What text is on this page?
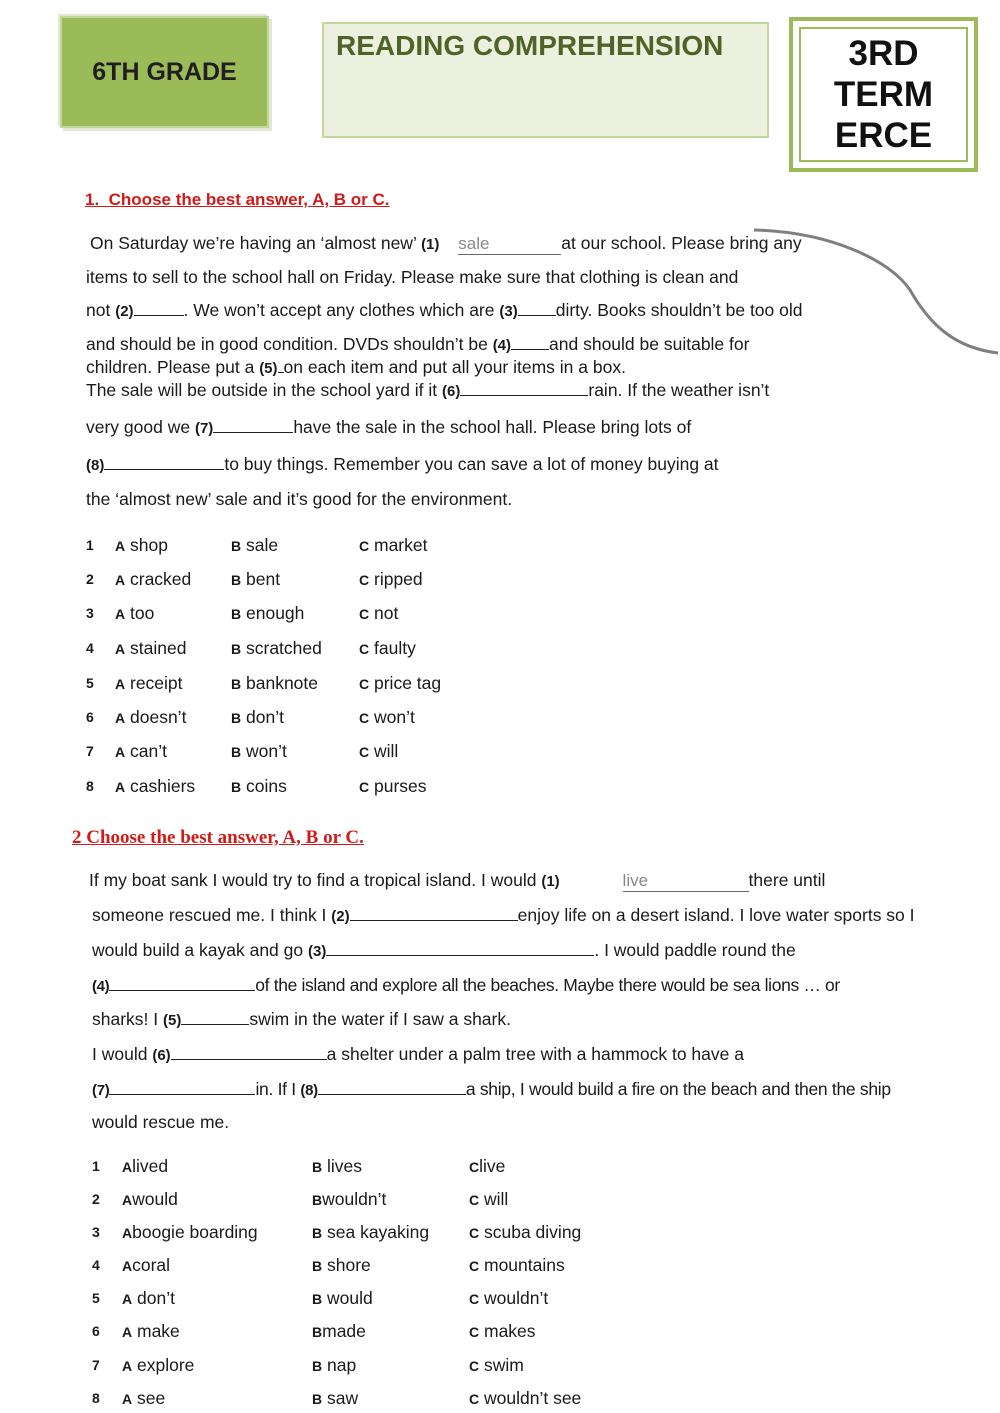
6TH GRADE
READING COMPREHENSION	3RD
TERM
ERCE
1. Choose the best answer, A, B or C.
On Saturday we’re having an ‘almost new’ (1) sale	at our school. Please bring any
items to sell to the school hall on Friday. Please make sure that clothing is clean and
not (2)	. We won’t accept any clothes which are (3) dirty. Books shouldn’t be too old
and should be in good condition. DVDs shouldn’t be (4) and should be suitable for
children. Please put a (5) on each item and put all your items in a box.
The sale will be outside in the school yard if it (6)	rain. If the weather isn’t
very good we (7)	have the sale in the school hall. Please bring lots of
(8)	to buy things. Remember you can save a lot of money buying at
the ‘almost new’ sale and it’s good for the environment.
1 A shop	B sale	C market
2 A cracked	B bent	C ripped
3 A too	B enough	C not
4 A stained	B scratched	C faulty
5 A receipt	B banknote	C price tag
6 A doesn’t	B don’t	C won’t
7 A can’t	B won’t	C will
8 A cashiers	B coins	C purses
2 Choose the best answer, A, B or C.
If my boat sank I would try to find a tropical island. I would (1)	live	there until
someone rescued me. I think I (2)	enjoy life on a desert island. I love water sports so I
would build a kayak and go (3)	. I would paddle round the
(4)	of the island and explore all the beaches. Maybe there would be sea lions … or
sharks! I (5)	swim in the water if I saw a shark.
I would (6)	a shelter under a palm tree with a hammock to have a
(7)	in. If I (8)	a ship, I would build a fire on the beach and then the ship
would rescue me.
1 Alived	B lives	Clive
2 Awould	Bwouldn’t	C will
3 Aboogie boarding	B sea kayaking	C scuba diving
4 Acoral	B shore	C mountains
5 A don’t	B would	C wouldn’t
6 A make	Bmade	C makes
7 A explore	B nap	C swim
8 A see	B saw	C wouldn’t see
